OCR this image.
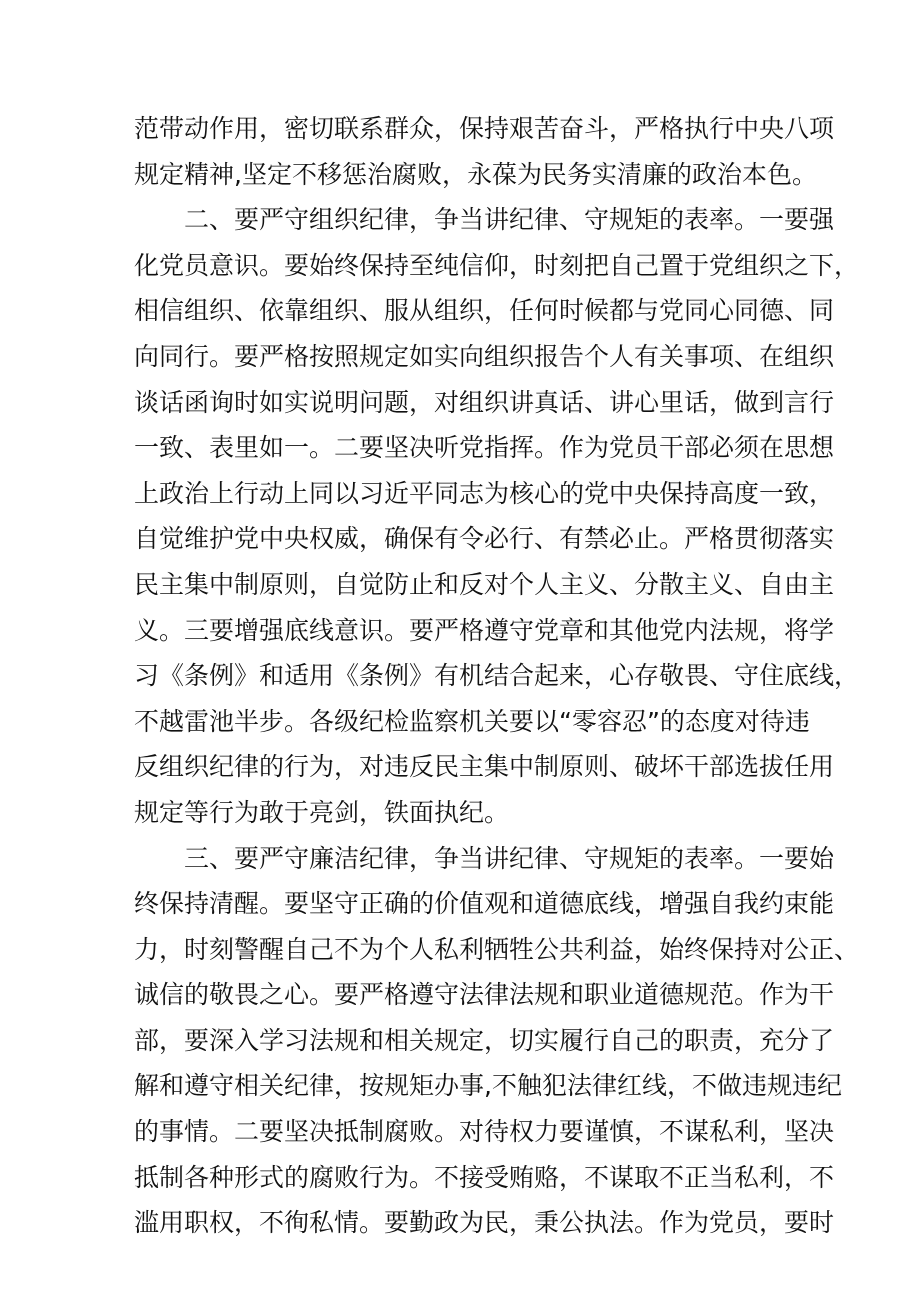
范带动作用，密切联系群众，保持艰苦奋斗，严格执行中央八项
规定精神,坚定不移惩治腐败，永葆为民务实清廉的政治本色。
　　二、要严守组织纪律，争当讲纪律、守规矩的表率。一要强
化党员意识。要始终保持至纯信仰，时刻把自己置于党组织之下，
相信组织、依靠组织、服从组织，任何时候都与党同心同德、同
向同行。要严格按照规定如实向组织报告个人有关事项、在组织
谈话函询时如实说明问题，对组织讲真话、讲心里话，做到言行
一致、表里如一。二要坚决听党指挥。作为党员干部必须在思想
上政治上行动上同以习近平同志为核心的党中央保持高度一致，
自觉维护党中央权威，确保有令必行、有禁必止。严格贯彻落实
民主集中制原则，自觉防止和反对个人主义、分散主义、自由主
义。三要增强底线意识。要严格遵守党章和其他党内法规，将学
习《条例》和适用《条例》有机结合起来，心存敬畏、守住底线，
不越雷池半步。各级纪检监察机关要以“零容忍”的态度对待违
反组织纪律的行为，对违反民主集中制原则、破坏干部选拔任用
规定等行为敢于亮剑，铁面执纪。
　　三、要严守廉洁纪律，争当讲纪律、守规矩的表率。一要始
终保持清醒。要坚守正确的价值观和道德底线，增强自我约束能
力，时刻警醒自己不为个人私利牺牲公共利益，始终保持对公正、
诚信的敬畏之心。要严格遵守法律法规和职业道德规范。作为干
部，要深入学习法规和相关规定，切实履行自己的职责，充分了
解和遵守相关纪律，按规矩办事,不触犯法律红线，不做违规违纪
的事情。二要坚决抵制腐败。对待权力要谨慎，不谋私利，坚决
抵制各种形式的腐败行为。不接受贿赂，不谋取不正当私利，不
滥用职权，不徇私情。要勤政为民，秉公执法。作为党员，要时
